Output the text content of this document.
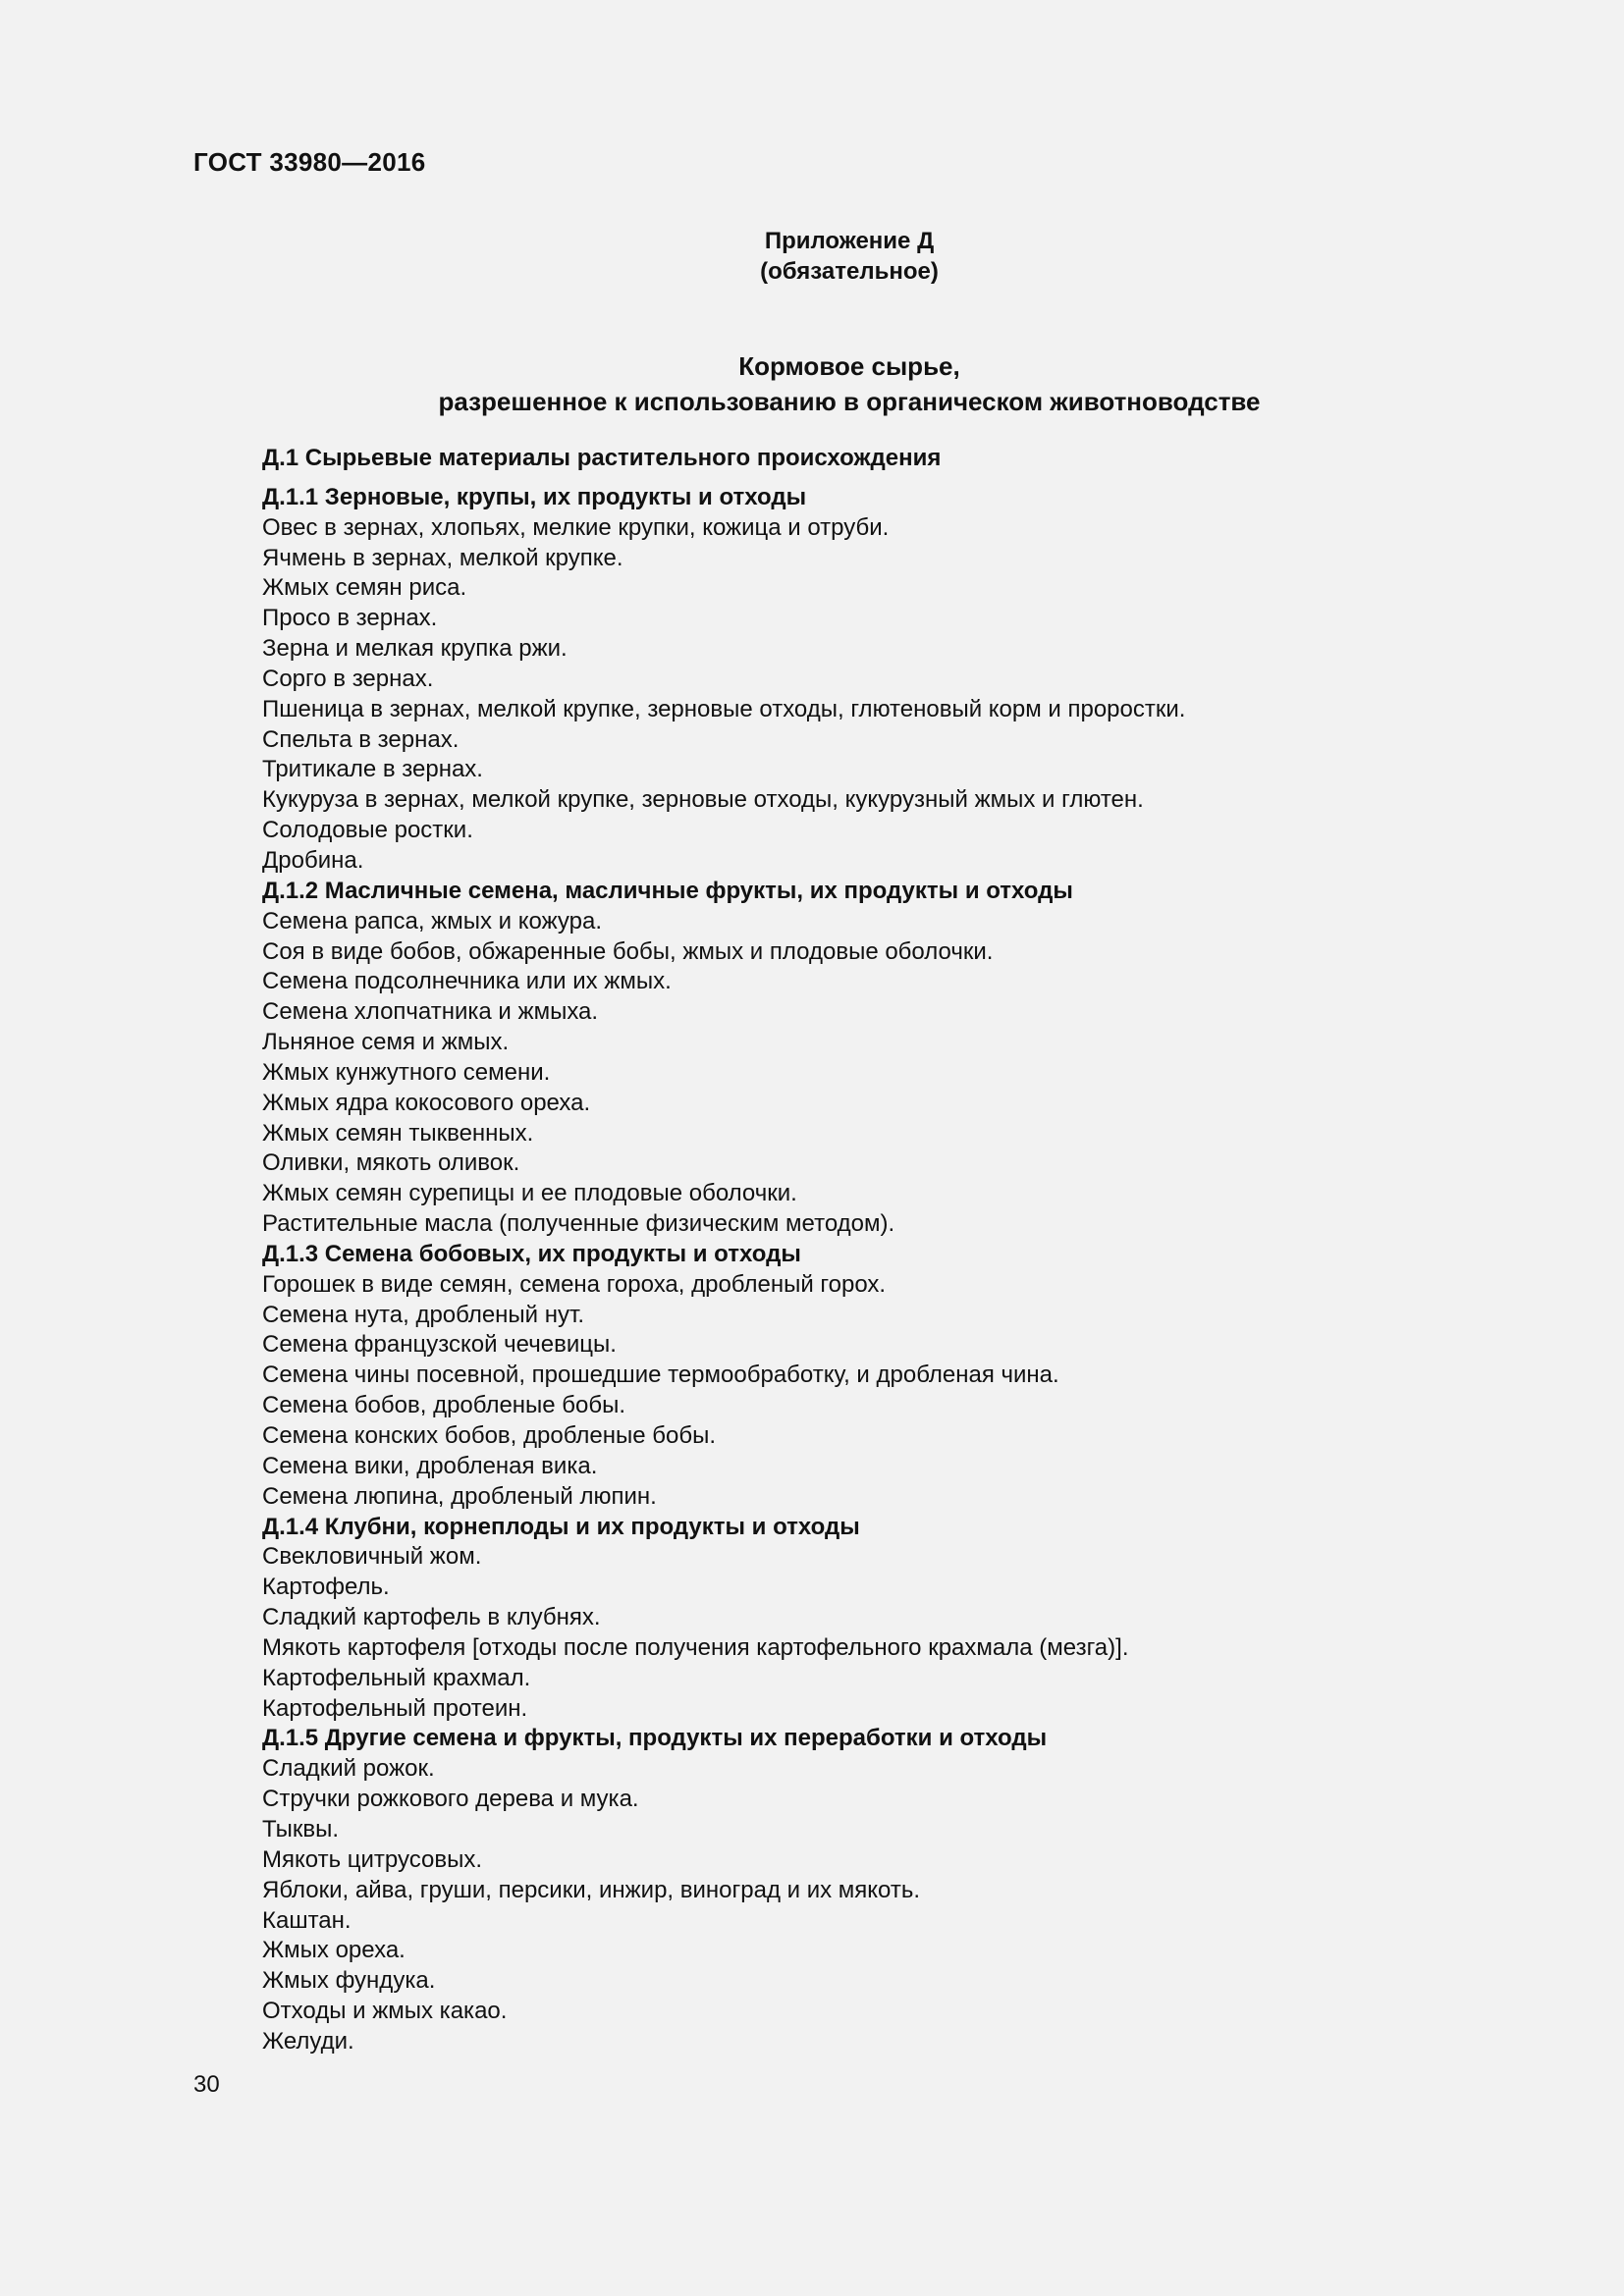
ГОСТ 33980—2016
Приложение Д
(обязательное)
Кормовое сырье,
разрешенное к использованию в органическом животноводстве
Д.1 Сырьевые материалы растительного происхождения
Д.1.1 Зерновые, крупы, их продукты и отходы
Овес в зернах, хлопьях, мелкие крупки, кожица и отруби.
Ячмень в зернах, мелкой крупке.
Жмых семян риса.
Просо в зернах.
Зерна и мелкая крупка ржи.
Сорго в зернах.
Пшеница в зернах, мелкой крупке, зерновые отходы, глютеновый корм и проростки.
Спельта в зернах.
Тритикале в зернах.
Кукуруза в зернах, мелкой крупке, зерновые отходы, кукурузный жмых и глютен.
Солодовые ростки.
Дробина.
Д.1.2 Масличные семена, масличные фрукты, их продукты и отходы
Семена рапса, жмых и кожура.
Соя в виде бобов, обжаренные бобы, жмых и плодовые оболочки.
Семена подсолнечника или их жмых.
Семена хлопчатника и жмыха.
Льняное семя и жмых.
Жмых кунжутного семени.
Жмых ядра кокосового ореха.
Жмых семян тыквенных.
Оливки, мякоть оливок.
Жмых семян сурепицы и ее плодовые оболочки.
Растительные масла (полученные физическим методом).
Д.1.3 Семена бобовых, их продукты и отходы
Горошек в виде семян, семена гороха, дробленый горох.
Семена нута, дробленый нут.
Семена французской чечевицы.
Семена чины посевной, прошедшие термообработку, и дробленая чина.
Семена бобов, дробленые бобы.
Семена конских бобов, дробленые бобы.
Семена вики, дробленая вика.
Семена люпина, дробленый люпин.
Д.1.4 Клубни, корнеплоды и их продукты и отходы
Свекловичный жом.
Картофель.
Сладкий картофель в клубнях.
Мякоть картофеля [отходы после получения картофельного крахмала (мезга)].
Картофельный крахмал.
Картофельный протеин.
Д.1.5 Другие семена и фрукты, продукты их переработки и отходы
Сладкий рожок.
Стручки рожкового дерева и мука.
Тыквы.
Мякоть цитрусовых.
Яблоки, айва, груши, персики, инжир, виноград и их мякоть.
Каштан.
Жмых ореха.
Жмых фундука.
Отходы и жмых какао.
Желуди.
30
